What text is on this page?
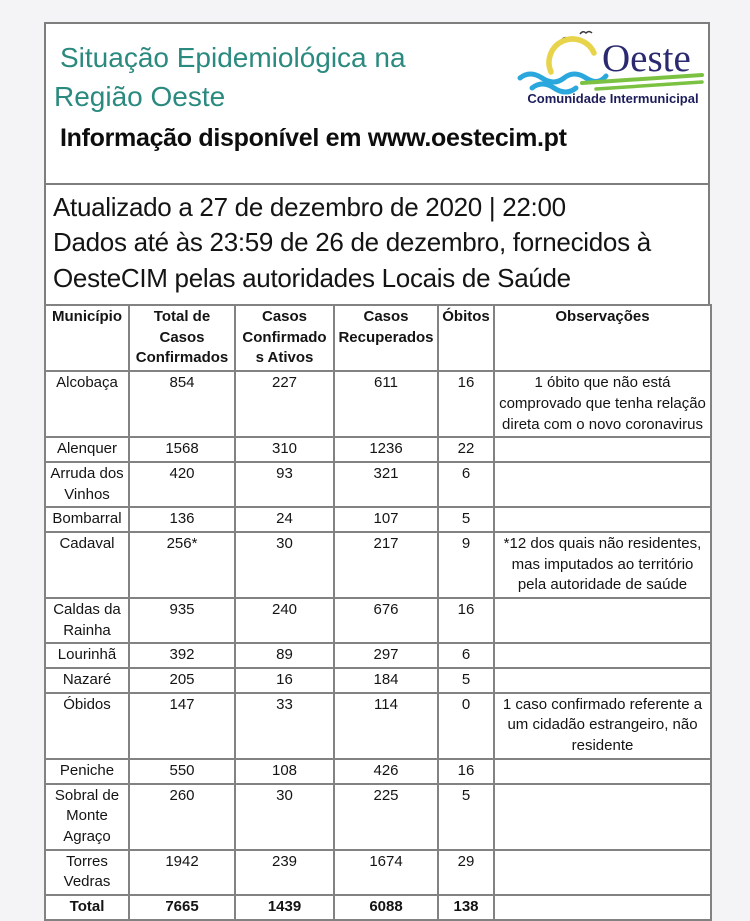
Situação Epidemiológica na
Região Oeste
Informação disponível em www.oestecim.pt
Oeste
Comunidade Intermunicipal
Atualizado a 27 de dezembro de 2020 | 22:00
Dados até às 23:59 de 26 de dezembro, fornecidos à OesteCIM pelas autoridades Locais de Saúde
Município	Total de Casos Confirmados	Casos Confirmados Ativos	Casos Recuperados	Óbitos	Observações
Alcobaça	854	227	611	16	1 óbito que não está comprovado que tenha relação direta com o novo coronavirus
Alenquer	1568	310	1236	22	
Arruda dos Vinhos	420	93	321	6	
Bombarral	136	24	107	5	
Cadaval	256*	30	217	9	*12 dos quais não residentes, mas imputados ao território pela autoridade de saúde
Caldas da Rainha	935	240	676	16	
Lourinhã	392	89	297	6	
Nazaré	205	16	184	5	
Óbidos	147	33	114	0	1 caso confirmado referente a um cidadão estrangeiro, não residente
Peniche	550	108	426	16	
Sobral de Monte Agraço	260	30	225	5	
Torres Vedras	1942	239	1674	29	
Total	7665	1439	6088	138	
